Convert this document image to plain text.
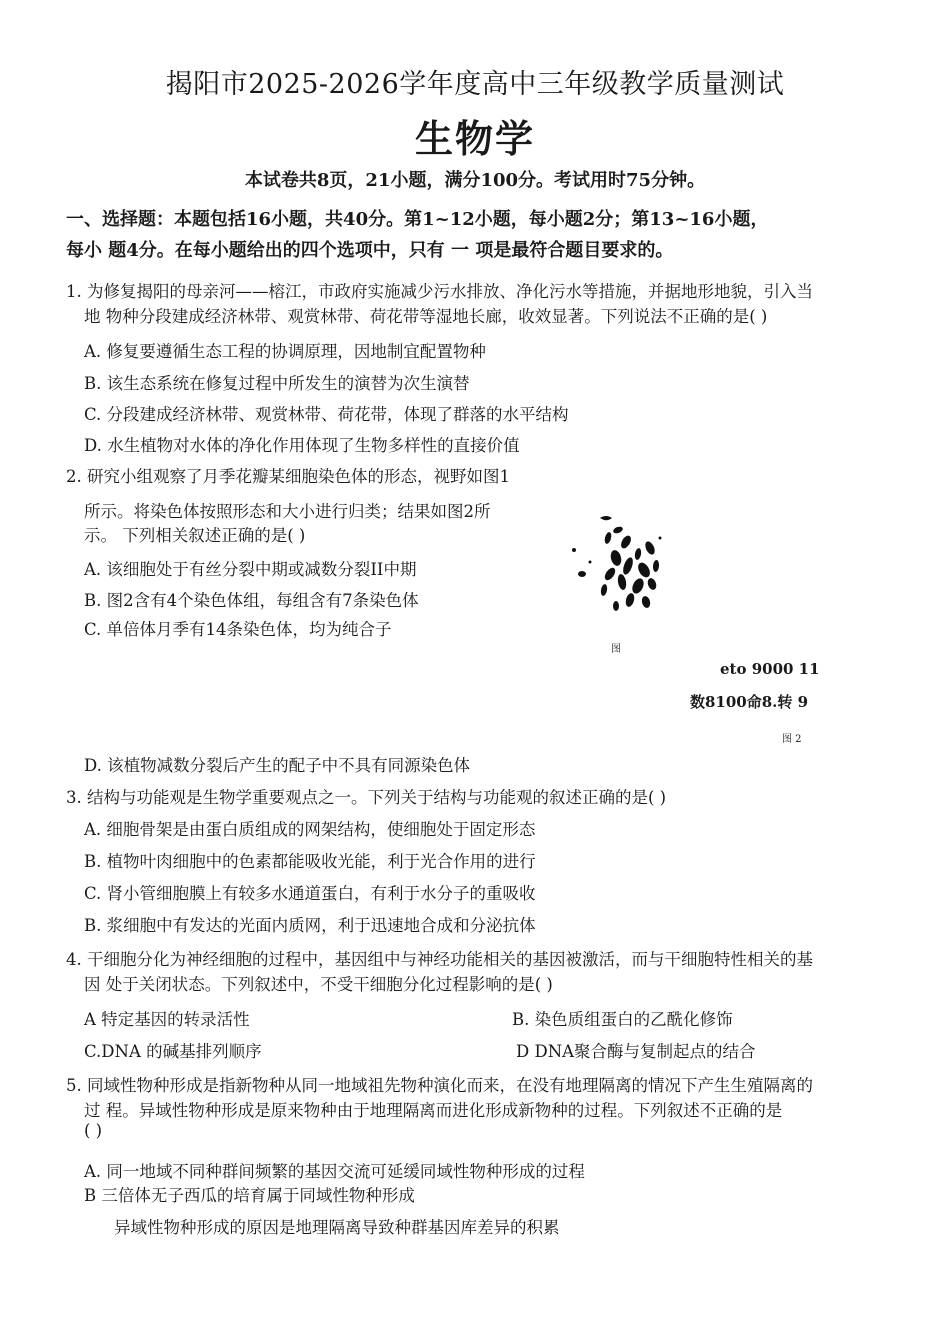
揭阳市2025-2026学年度高中三年级教学质量测试
生物学
本试卷共8页，21小题，满分100分。考试用时75分钟。
一、选择题：本题包括16小题，共40分。第1~12小题，每小题2分；第13~16小题，
每小 题4分。在每小题给出的四个选项中，只有 一 项是最符合题目要求的。
1. 为修复揭阳的母亲河——榕江，市政府实施减少污水排放、净化污水等措施，并据地形地貌，引入当
地 物种分段建成经济林带、观赏林带、荷花带等湿地长廊，收效显著。下列说法不正确的是( )
A. 修复要遵循生态工程的协调原理，因地制宜配置物种
B. 该生态系统在修复过程中所发生的演替为次生演替
C. 分段建成经济林带、观赏林带、荷花带，体现了群落的水平结构
D. 水生植物对水体的净化作用体现了生物多样性的直接价值
2. 研究小组观察了月季花瓣某细胞染色体的形态，视野如图1
所示。将染色体按照形态和大小进行归类；结果如图2所
示。 下列相关叙述正确的是( )
A. 该细胞处于有丝分裂中期或减数分裂II中期
B. 图2含有4个染色体组，每组含有7条染色体
C. 单倍体月季有14条染色体，均为纯合子
图
eto 9000 11
数8100命8.转 9
图 2
D. 该植物减数分裂后产生的配子中不具有同源染色体
3. 结构与功能观是生物学重要观点之一。下列关于结构与功能观的叙述正确的是( )
A. 细胞骨架是由蛋白质组成的网架结构，使细胞处于固定形态
B. 植物叶肉细胞中的色素都能吸收光能，利于光合作用的进行
C. 肾小管细胞膜上有较多水通道蛋白，有利于水分子的重吸收
B. 浆细胞中有发达的光面内质网，利于迅速地合成和分泌抗体
4. 干细胞分化为神经细胞的过程中，基因组中与神经功能相关的基因被激活，而与干细胞特性相关的基
因 处于关闭状态。下列叙述中，不受干细胞分化过程影响的是( )
A 特定基因的转录活性	B. 染色质组蛋白的乙酰化修饰
C.DNA 的碱基排列顺序	D DNA聚合酶与复制起点的结合
5. 同域性物种形成是指新物种从同一地域祖先物种演化而来，在没有地理隔离的情况下产生生殖隔离的
过 程。异域性物种形成是原来物种由于地理隔离而进化形成新物种的过程。下列叙述不正确的是
( )
A. 同一地域不同种群间频繁的基因交流可延缓同域性物种形成的过程
B 三倍体无子西瓜的培育属于同域性物种形成
异域性物种形成的原因是地理隔离导致种群基因库差异的积累
